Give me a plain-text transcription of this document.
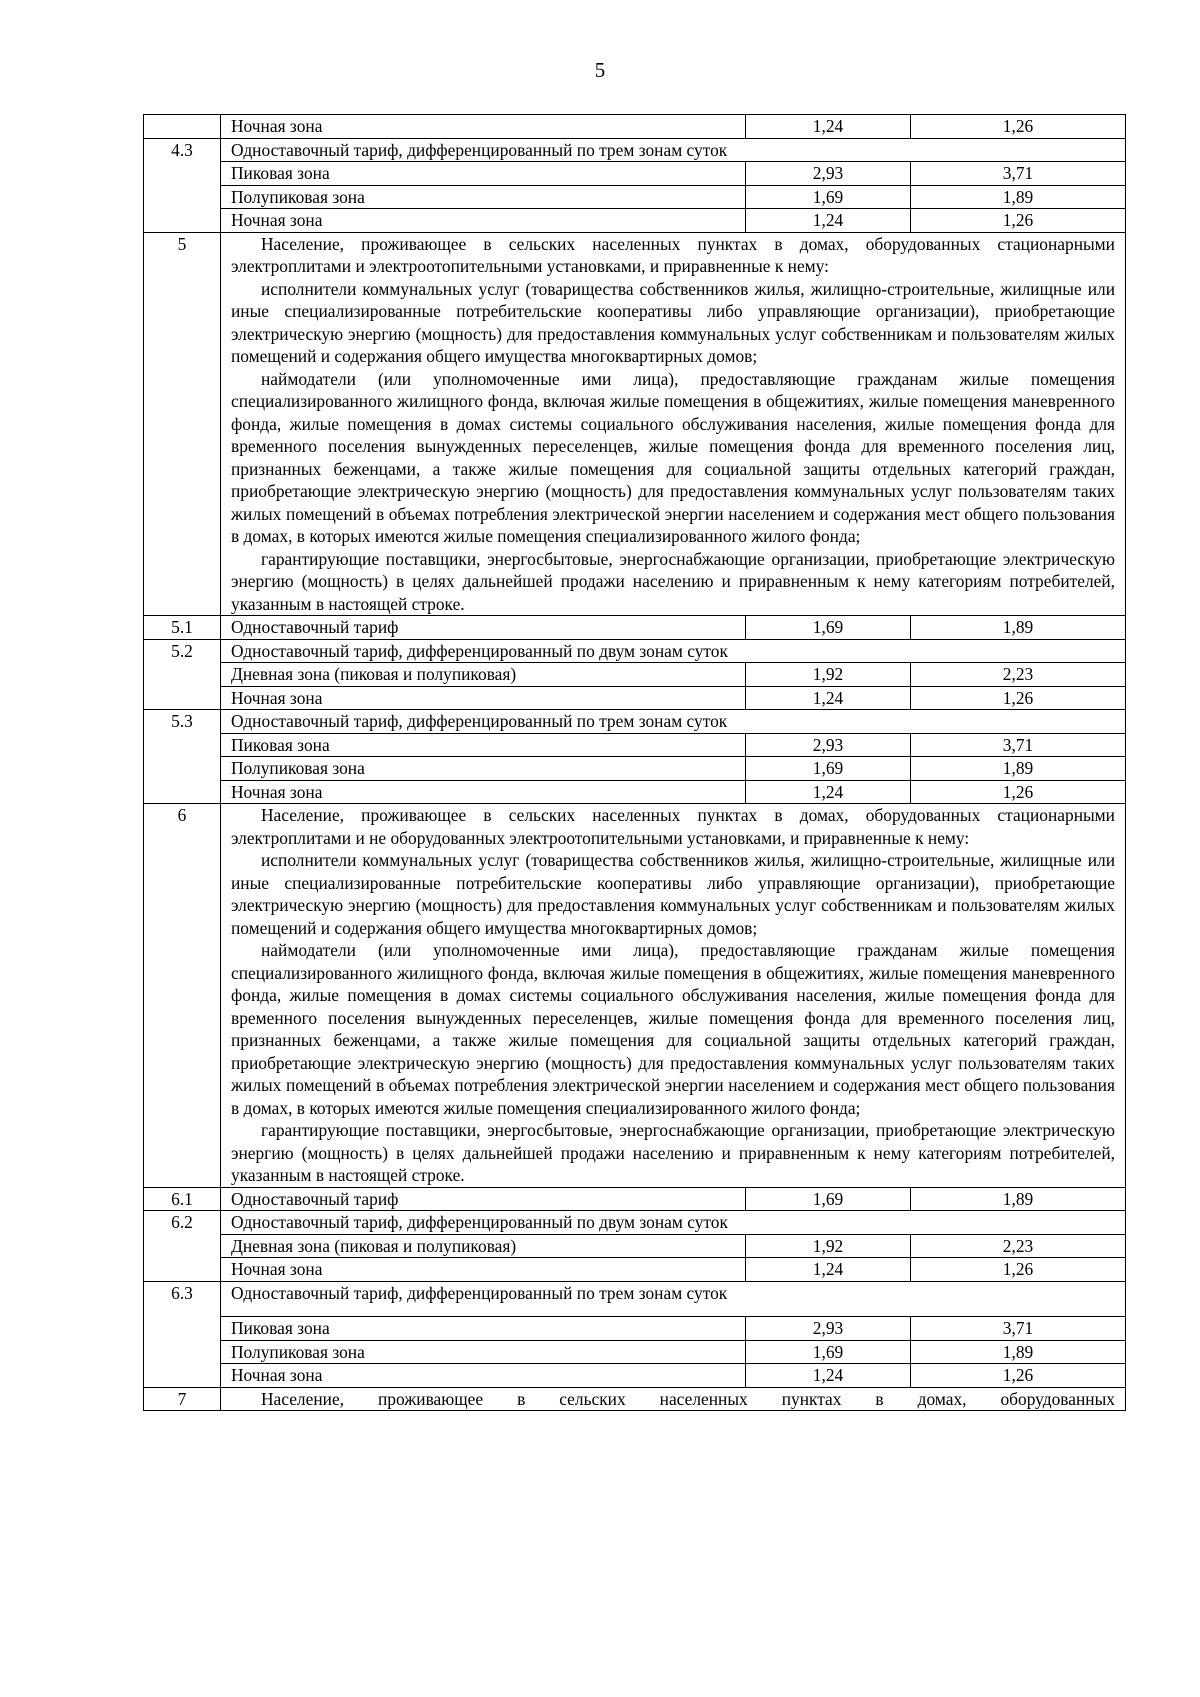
5
	Ночная зона	1,24	1,26
4.3	Одноставочный тариф, дифференцированный по трем зонам суток		
	Пиковая зона	2,93	3,71
	Полупиковая зона	1,69	1,89
	Ночная зона	1,24	1,26
5	Население, проживающее в сельских населенных пунктах в домах, оборудованных стационарными электроплитами и электроотопительными установками, и приравненные к нему:

исполнители коммунальных услуг (товарищества собственников жилья, жилищно-строительные, жилищные или иные специализированные потребительские кооперативы либо управляющие организации), приобретающие электрическую энергию (мощность) для предоставления коммунальных услуг собственникам и пользователям жилых помещений и содержания общего имущества многоквартирных домов;

наймодатели (или уполномоченные ими лица), предоставляющие гражданам жилые помещения специализированного жилищного фонда, включая жилые помещения в общежитиях, жилые помещения маневренного фонда, жилые помещения в домах системы социального обслуживания населения, жилые помещения фонда для временного поселения вынужденных переселенцев, жилые помещения фонда для временного поселения лиц, признанных беженцами, а также жилые помещения для социальной защиты отдельных категорий граждан, приобретающие электрическую энергию (мощность) для предоставления коммунальных услуг пользователям таких жилых помещений в объемах потребления электрической энергии населением и содержания мест общего пользования в домах, в которых имеются жилые помещения специализированного жилого фонда;

гарантирующие поставщики, энергосбытовые, энергоснабжающие организации, приобретающие электрическую энергию (мощность) в целях дальнейшей продажи населению и приравненным к нему категориям потребителей, указанным в настоящей строке.		

5.1	Одноставочный тариф	1,69	1,89
5.2	Одноставочный тариф, дифференцированный по двум зонам суток		
	Дневная зона (пиковая и полупиковая)	1,92	2,23
	Ночная зона	1,24	1,26
5.3	Одноставочный тариф, дифференцированный по трем зонам суток		
	Пиковая зона	2,93	3,71
	Полупиковая зона	1,69	1,89
	Ночная зона	1,24	1,26
6	Население, проживающее в сельских населенных пунктах в домах, оборудованных стационарными электроплитами и не оборудованных электроотопительными установками, и приравненные к нему:

исполнители коммунальных услуг (товарищества собственников жилья, жилищно-строительные, жилищные или иные специализированные потребительские кооперативы либо управляющие организации), приобретающие электрическую энергию (мощность) для предоставления коммунальных услуг собственникам и пользователям жилых помещений и содержания общего имущества многоквартирных домов;

наймодатели (или уполномоченные ими лица), предоставляющие гражданам жилые помещения специализированного жилищного фонда, включая жилые помещения в общежитиях, жилые помещения маневренного фонда, жилые помещения в домах системы социального обслуживания населения, жилые помещения фонда для временного поселения вынужденных переселенцев, жилые помещения фонда для временного поселения лиц, признанных беженцами, а также жилые помещения для социальной защиты отдельных категорий граждан, приобретающие электрическую энергию (мощность) для предоставления коммунальных услуг пользователям таких жилых помещений в объемах потребления электрической энергии населением и содержания мест общего пользования в домах, в которых имеются жилые помещения специализированного жилого фонда;

гарантирующие поставщики, энергосбытовые, энергоснабжающие организации, приобретающие электрическую энергию (мощность) в целях дальнейшей продажи населению и приравненным к нему категориям потребителей, указанным в настоящей строке.		

6.1	Одноставочный тариф	1,69	1,89
6.2	Одноставочный тариф, дифференцированный по двум зонам суток		
	Дневная зона (пиковая и полупиковая)	1,92	2,23
	Ночная зона	1,24	1,26
6.3	Одноставочный тариф, дифференцированный по трем зонам суток		

	Пиковая зона	2,93	3,71
	Полупиковая зона	1,69	1,89
	Ночная зона	1,24	1,26
7	Население, проживающее в сельских населенных пунктах в домах, оборудованных		
